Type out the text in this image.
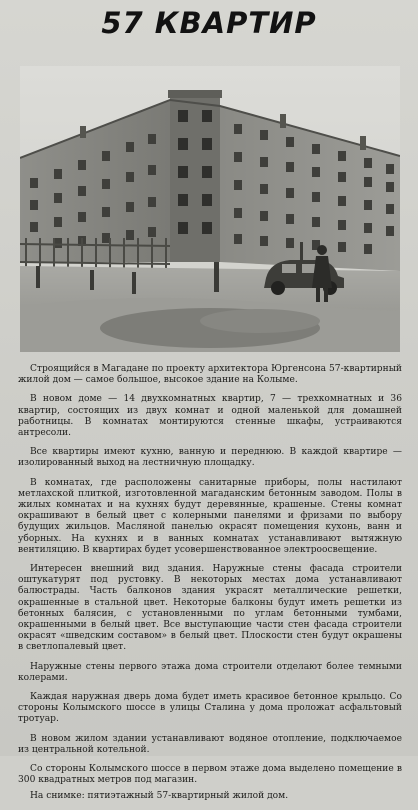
57 КВАРТИР

Строящийся в Магадане по проекту архитектора Юргенсона 57-квартирный жилой дом — самое большое, высокое здание на Колыме.

В новом доме — 14 двухкомнатных квартир, 7 — трехкомнатных и 36 квартир, состоящих из двух комнат и одной маленькой для домашней работницы. В комнатах монтируются стенные шкафы, устраиваются антресоли.

Все квартиры имеют кухню, ванную и переднюю. В каждой квартире — изолированный выход на лестничную площадку.

В комнатах, где расположены санитарные приборы, полы настилают метлахской плиткой, изготовленной магаданским бетонным заводом. Полы в жилых комнатах и на кухнях будут деревянные, крашеные. Стены комнат окрашивают в белый цвет с колерными панелями и фризами по выбору будущих жильцов. Масляной панелью окрасят помещения кухонь, ванн и уборных. На кухнях и в ванных комнатах устанавливают вытяжную вентиляцию. В квартирах будет усовершенствованное электроосвещение.

Интересен внешний вид здания. Наружные стены фасада строители оштукатурят под рустовку. В некоторых местах дома устанавливают балюстрады. Часть балконов здания украсят металлические решетки, окрашенные в стальной цвет. Некоторые балконы будут иметь решетки из бетонных балясин, с установленными по углам бетонными тумбами, окрашенными в белый цвет. Все выступающие части стен фасада строители окрасят «шведским составом» в белый цвет. Плоскости стен будут окрашены в светлопалевый цвет.

Наружные стены первого этажа дома строители отделают более темными колерами.

Каждая наружная дверь дома будет иметь красивое бетонное крыльцо. Со стороны Колымского шоссе в улицы Сталина у дома проложат асфальтовый тротуар.

В новом жилом здании устанавливают водяное отопление, подключаемое из центральной котельной.

Со стороны Колымского шоссе в первом этаже дома выделено помещение в 300 квадратных метров под магазин.

На снимке: пятиэтажный 57-квартирный жилой дом.
